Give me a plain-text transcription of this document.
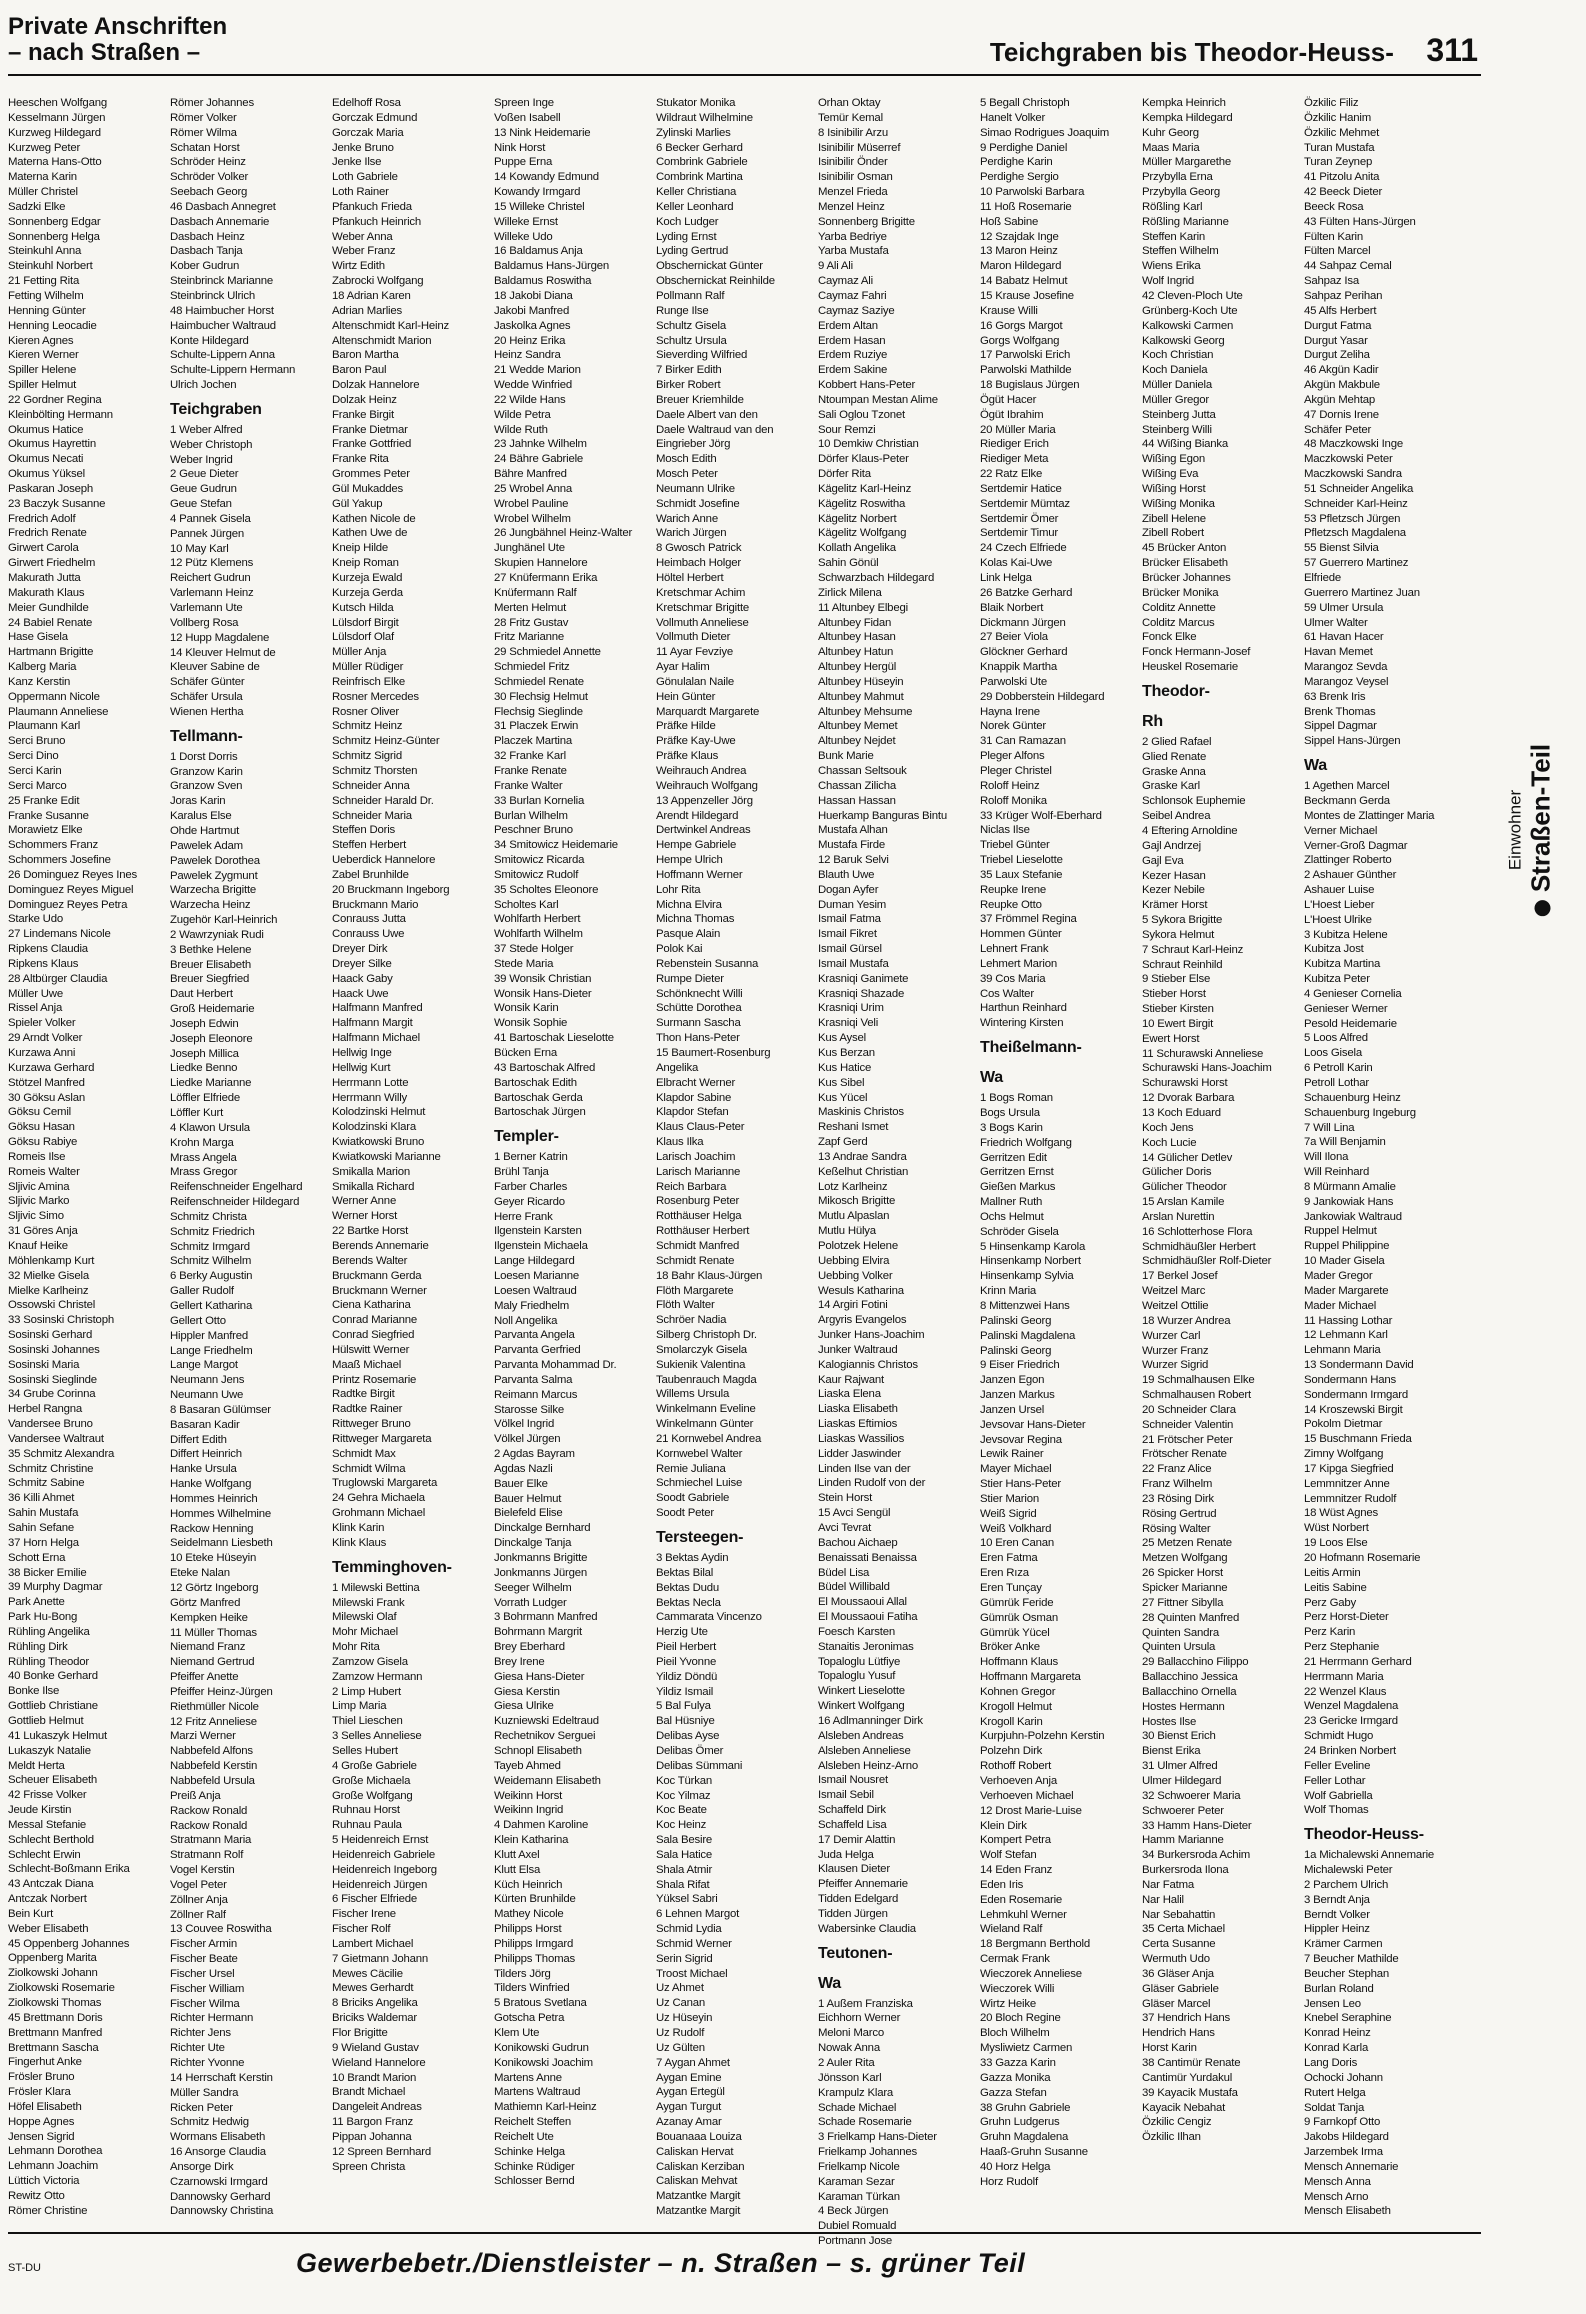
Private Anschriften
– nach Straßen –	Teichgraben bis Theodor-Heuss- 311
Heeschen Wolfgang
Kesselmann Jürgen
Kurzweg Hildegard
Kurzweg Peter
Materna Hans-Otto
Materna Karin
Müller Christel
Sadzki Elke
Sonnenberg Edgar
Sonnenberg Helga
Steinkuhl Anna
Steinkuhl Norbert
21 Fetting Rita
Fetting Wilhelm
Henning Günter
Henning Leocadie
Kieren Agnes
Kieren Werner
Spiller Helene
Spiller Helmut
22 Gordner Regina
Kleinbölting Hermann
Okumus Hatice
Okumus Hayrettin
Okumus Necati
Okumus Yüksel
Paskaran Joseph
23 Baczyk Susanne
Fredrich Adolf
Fredrich Renate
Girwert Carola
Girwert Friedhelm
Makurath Jutta
Makurath Klaus
Meier Gundhilde
24 Babiel Renate
Hase Gisela
Hartmann Brigitte
Kalberg Maria
Kanz Kerstin
Oppermann Nicole
Plaumann Anneliese
Plaumann Karl
Serci Bruno
Serci Dino
Serci Karin
Serci Marco
25 Franke Edit
Franke Susanne
Morawietz Elke
Schommers Franz
Schommers Josefine
26 Dominguez Reyes Ines
Dominguez Reyes Miguel
Dominguez Reyes Petra
Starke Udo
27 Lindemans Nicole
Ripkens Claudia
Ripkens Klaus
28 Altbürger Claudia
Müller Uwe
Rissel Anja
Spieler Volker
29 Arndt Volker
Kurzawa Anni
Kurzawa Gerhard
Stötzel Manfred
30 Göksu Aslan
Göksu Cemil
Göksu Hasan
Göksu Rabiye
Romeis Ilse
Romeis Walter
Sljivic Amina
Sljivic Marko
Sljivic Simo
31 Göres Anja
Knauf Heike
Möhlenkamp Kurt
32 Mielke Gisela
Mielke Karlheinz
Ossowski Christel
33 Sosinski Christoph
Sosinski Gerhard
Sosinski Johannes
Sosinski Maria
Sosinski Sieglinde
34 Grube Corinna
Herbel Rangna
Vandersee Bruno
Vandersee Waltraut
35 Schmitz Alexandra
Schmitz Christine
Schmitz Sabine
36 Killi Ahmet
Sahin Mustafa
Sahin Sefane
37 Horn Helga
Schott Erna
38 Bicker Emilie
39 Murphy Dagmar
Park Anette
Park Hu-Bong
Rühling Angelika
Rühling Dirk
Rühling Theodor
40 Bonke Gerhard
Bonke Ilse
Gottlieb Christiane
Gottlieb Helmut
41 Lukaszyk Helmut
Lukaszyk Natalie
Meldt Herta
Scheuer Elisabeth
42 Frisse Volker
Jeude Kirstin
Messal Stefanie
Schlecht Berthold
Schlecht Erwin
Schlecht-Boßmann Erika
43 Antczak Diana
Antczak Norbert
Bein Kurt
Weber Elisabeth
45 Oppenberg Johannes
Oppenberg Marita
Ziolkowski Johann
Ziolkowski Rosemarie
Ziolkowski Thomas
45 Brettmann Doris
Brettmann Manfred
Brettmann Sascha
Fingerhut Anke
Frösler Bruno
Frösler Klara
Höfel Elisabeth
Hoppe Agnes
Jensen Sigrid
Lehmann Dorothea
Lehmann Joachim
Lüttich Victoria
Rewitz Otto
Römer Christine
Römer Johannes
Römer Volker
Römer Wilma
Schatan Horst
Schröder Heinz
Schröder Volker
Seebach Georg
46 Dasbach Annegret
Dasbach Annemarie
Dasbach Heinz
Dasbach Tanja
Kober Gudrun
Steinbrinck Marianne
Steinbrinck Ulrich
48 Haimbucher Horst
Haimbucher Waltraud
Konte Hildegard
Schulte-Lippern Anna
Schulte-Lippern Hermann
Ulrich Jochen
Teichgraben
1 Weber Alfred
Weber Christoph
Weber Ingrid
2 Geue Dieter
Geue Gudrun
Geue Stefan
4 Pannek Gisela
Pannek Jürgen
10 May Karl
12 Pütz Klemens
Reichert Gudrun
Varlemann Heinz
Varlemann Ute
Vollberg Rosa
12 Hupp Magdalene
14 Kleuver Helmut de
Kleuver Sabine de
Schäfer Günter
Schäfer Ursula
Wienen Hertha
Tellmann-
1 Dorst Dorris
Granzow Karin
Granzow Sven
Joras Karin
Karalus Else
Ohde Hartmut
Pawelek Adam
Pawelek Dorothea
Pawelek Zygmunt
Warzecha Brigitte
Warzecha Heinz
Zugehör Karl-Heinrich
2 Wawrzyniak Rudi
3 Bethke Helene
Breuer Elisabeth
Breuer Siegfried
Daut Herbert
Groß Heidemarie
Joseph Edwin
Joseph Eleonore
Joseph Millica
Liedke Benno
Liedke Marianne
Löffler Elfriede
Löffler Kurt
4 Klawon Ursula
Krohn Marga
Mrass Angela
Mrass Gregor
Reifenschneider Engelhard
Reifenschneider Hildegard
Schmitz Christa
Schmitz Friedrich
Schmitz Irmgard
Schmitz Wilhelm
6 Berky Augustin
Galler Rudolf
Gellert Katharina
Gellert Otto
Hippler Manfred
Lange Friedhelm
Lange Margot
Neumann Jens
Neumann Uwe
8 Basaran Gülümser
Basaran Kadir
Differt Edith
Differt Heinrich
Hanke Ursula
Hanke Wolfgang
Hommes Heinrich
Hommes Wilhelmine
Rackow Henning
Seidelmann Liesbeth
10 Eteke Hüseyin
Eteke Nalan
12 Görtz Ingeborg
Görtz Manfred
Kempken Heike
11 Müller Thomas
Niemand Franz
Niemand Gertrud
Pfeiffer Anette
Pfeiffer Heinz-Jürgen
Riethmüller Nicole
12 Fritz Anneliese
Marzi Werner
Nabbefeld Alfons
Nabbefeld Kerstin
Nabbefeld Ursula
Preiß Anja
Rackow Ronald
Rackow Ronald
Stratmann Maria
Stratmann Rolf
Vogel Kerstin
Vogel Peter
Zöllner Anja
Zöllner Ralf
13 Couvee Roswitha
Fischer Armin
Fischer Beate
Fischer Ursel
Fischer William
Fischer Wilma
Richter Hermann
Richter Jens
Richter Ute
Richter Yvonne
14 Herrschaft Kerstin
Müller Sandra
Ricken Peter
Schmitz Hedwig
Wormans Elisabeth
16 Ansorge Claudia
Ansorge Dirk
Czarnowski Irmgard
Dannowsky Gerhard
Dannowsky Christina
Edelhoff Rosa
Gorczak Edmund
Gorczak Maria
Jenke Bruno
Jenke Ilse
Loth Gabriele
Loth Rainer
Pfankuch Frieda
Pfankuch Heinrich
Weber Anna
Weber Franz
Wirtz Edith
Zabrocki Wolfgang
18 Adrian Karen
Adrian Marlies
Altenschmidt Karl-Heinz
Altenschmidt Marion
Baron Martha
Baron Paul
Dolzak Hannelore
Dolzak Heinz
Franke Birgit
Franke Dietmar
Franke Gottfried
Franke Rita
Grommes Peter
Gül Mukaddes
Gül Yakup
Kathen Nicole de
Kathen Uwe de
Kneip Hilde
Kneip Roman
Kurzeja Ewald
Kurzeja Gerda
Kutsch Hilda
Lülsdorf Birgit
Lülsdorf Olaf
Müller Anja
Müller Rüdiger
Reinfrisch Elke
Rosner Mercedes
Rosner Oliver
Schmitz Heinz
Schmitz Heinz-Günter
Schmitz Sigrid
Schmitz Thorsten
Schneider Anna
Schneider Harald Dr.
Schneider Maria
Steffen Doris
Steffen Herbert
Ueberdick Hannelore
Zabel Brunhilde
20 Bruckmann Ingeborg
Bruckmann Mario
Conrauss Jutta
Conrauss Uwe
Dreyer Dirk
Dreyer Silke
Haack Gaby
Haack Uwe
Halfmann Manfred
Halfmann Margit
Halfmann Michael
Hellwig Inge
Hellwig Kurt
Herrmann Lotte
Herrmann Willy
Kolodzinski Helmut
Kolodzinski Klara
Kwiatkowski Bruno
Kwiatkowski Marianne
Smikalla Marion
Smikalla Richard
Werner Anne
Werner Horst
22 Bartke Horst
Berends Annemarie
Berends Walter
Bruckmann Gerda
Bruckmann Werner
Ciena Katharina
Conrad Marianne
Conrad Siegfried
Hülswitt Werner
Maaß Michael
Printz Rosemarie
Radtke Birgit
Radtke Rainer
Rittweger Bruno
Rittweger Margareta
Schmidt Max
Schmidt Wilma
Truglowski Margareta
24 Gehra Michaela
Grohmann Michael
Klink Karin
Klink Klaus
Temminghoven-
1 Milewski Bettina
Milewski Frank
Milewski Olaf
Mohr Michael
Mohr Rita
Zamzow Gisela
Zamzow Hermann
2 Limp Hubert
Limp Maria
Thiel Lieschen
3 Selles Anneliese
Selles Hubert
4 Große Gabriele
Große Michaela
Große Wolfgang
Ruhnau Horst
Ruhnau Paula
5 Heidenreich Ernst
Heidenreich Gabriele
Heidenreich Ingeborg
Heidenreich Jürgen
6 Fischer Elfriede
Fischer Irene
Fischer Rolf
Lambert Michael
7 Gietmann Johann
Mewes Cäcilie
Mewes Gerhardt
8 Briciks Angelika
Briciks Waldemar
Flor Brigitte
9 Wieland Gustav
Wieland Hannelore
10 Brandt Marion
Brandt Michael
Dangeleit Andreas
11 Bargon Franz
Pippan Johanna
12 Spreen Bernhard
Spreen Christa
Spreen Inge
Voßen Isabell
13 Nink Heidemarie
Nink Horst
Puppe Erna
14 Kowandy Edmund
Kowandy Irmgard
15 Willeke Christel
Willeke Ernst
Willeke Udo
16 Baldamus Anja
Baldamus Hans-Jürgen
Baldamus Roswitha
18 Jakobi Diana
Jakobi Manfred
Jaskolka Agnes
20 Heinz Erika
Heinz Sandra
21 Wedde Marion
Wedde Winfried
22 Wilde Hans
Wilde Petra
Wilde Ruth
23 Jahnke Wilhelm
24 Bähre Gabriele
Bähre Manfred
25 Wrobel Anna
Wrobel Pauline
Wrobel Wilhelm
26 Jungbähnel Heinz-Walter
Junghänel Ute
Skupien Hannelore
27 Knüfermann Erika
Knüfermann Ralf
Merten Helmut
28 Fritz Gustav
Fritz Marianne
29 Schmiedel Annette
Schmiedel Fritz
Schmiedel Renate
30 Flechsig Helmut
Flechsig Sieglinde
31 Placzek Erwin
Placzek Martina
32 Franke Karl
Franke Renate
Franke Walter
33 Burlan Kornelia
Burlan Wilhelm
Peschner Bruno
34 Smitowicz Heidemarie
Smitowicz Ricarda
Smitowicz Rudolf
35 Scholtes Eleonore
Scholtes Karl
Wohlfarth Herbert
Wohlfarth Wilhelm
37 Stede Holger
Stede Maria
39 Wonsik Christian
Wonsik Hans-Dieter
Wonsik Karin
Wonsik Sophie
41 Bartoschak Lieselotte
Bücken Erna
43 Bartoschak Alfred
Bartoschak Edith
Bartoschak Gerda
Bartoschak Jürgen
Templer-
1 Berner Katrin
Brühl Tanja
Farber Charles
Geyer Ricardo
Herre Frank
Ilgenstein Karsten
Ilgenstein Michaela
Lange Hildegard
Loesen Marianne
Loesen Waltraud
Maly Friedhelm
Noll Angelika
Parvanta Angela
Parvanta Gerfried
Parvanta Mohammad Dr.
Parvanta Salma
Reimann Marcus
Starosse Silke
Völkel Ingrid
Völkel Jürgen
2 Agdas Bayram
Agdas Nazli
Bauer Elke
Bauer Helmut
Bielefeld Elise
Dinckalge Bernhard
Dinckalge Tanja
Jonkmanns Brigitte
Jonkmanns Jürgen
Seeger Wilhelm
Vorrath Ludger
3 Bohrmann Manfred
Bohrmann Margrit
Brey Eberhard
Brey Irene
Giesa Hans-Dieter
Giesa Kerstin
Giesa Ulrike
Kuzniewski Edeltraud
Rechetnikov Serguei
Schnopl Elisabeth
Tayeb Ahmed
Weidemann Elisabeth
Weikinn Horst
Weikinn Ingrid
4 Dahmen Karoline
Klein Katharina
Klutt Axel
Klutt Elsa
Küch Heinrich
Kürten Brunhilde
Mathey Nicole
Philipps Horst
Philipps Irmgard
Philipps Thomas
Tilders Jörg
Tilders Winfried
5 Bratous Svetlana
Gotscha Petra
Klem Ute
Konikowski Gudrun
Konikowski Joachim
Martens Anne
Martens Waltraud
Mathiemn Karl-Heinz
Reichelt Steffen
Reichelt Ute
Schinke Helga
Schinke Rüdiger
Schlosser Bernd
Stukator Monika
Wildraut Wilhelmine
Zylinski Marlies
6 Becker Gerhard
Combrink Gabriele
Combrink Martina
Keller Christiana
Keller Leonhard
Koch Ludger
Lyding Ernst
Lyding Gertrud
Obschernickat Günter
Obschernickat Reinhilde
Pollmann Ralf
Runge Ilse
Schultz Gisela
Schultz Ursula
Sieverding Wilfried
7 Birker Edith
Birker Robert
Breuer Kriemhilde
Daele Albert van den
Daele Waltraud van den
Eingrieber Jörg
Mosch Edith
Mosch Peter
Neumann Ulrike
Schmidt Josefine
Warich Anne
Warich Jürgen
8 Gwosch Patrick
Heimbach Holger
Höltel Herbert
Kretschmar Achim
Kretschmar Brigitte
Vollmuth Anneliese
Vollmuth Dieter
11 Ayar Fevziye
Ayar Halim
Gönulalan Naile
Hein Günter
Marquardt Margarete
Präfke Hilde
Präfke Kay-Uwe
Präfke Klaus
Weihrauch Andrea
Weihrauch Wolfgang
13 Appenzeller Jörg
Arendt Hildegard
Dertwinkel Andreas
Hempe Gabriele
Hempe Ulrich
Hoffmann Werner
Lohr Rita
Michna Elvira
Michna Thomas
Pasque Alain
Polok Kai
Rebenstein Susanna
Rumpe Dieter
Schönknecht Willi
Schütte Dorothea
Surmann Sascha
Thon Hans-Peter
15 Baumert-Rosenburg
Angelika
Elbracht Werner
Klapdor Sabine
Klapdor Stefan
Klaus Claus-Peter
Klaus Ilka
Larisch Joachim
Larisch Marianne
Reich Barbara
Rosenburg Peter
Rotthäuser Helga
Rotthäuser Herbert
Schmidt Manfred
Schmidt Renate
18 Bahr Klaus-Jürgen
Flöth Margarete
Flöth Walter
Schröer Nadia
Silberg Christoph Dr.
Smolarczyk Gisela
Sukienik Valentina
Taubenrauch Magda
Willems Ursula
Winkelmann Eveline
Winkelmann Günter
21 Kornwebel Andrea
Kornwebel Walter
Remie Juliana
Schmiechel Luise
Soodt Gabriele
Soodt Peter
Tersteegen-
3 Bektas Aydin
Bektas Bilal
Bektas Dudu
Bektas Necla
Cammarata Vincenzo
Herzig Ute
Pieil Herbert
Pieil Yvonne
Yildiz Döndü
Yildiz Ismail
5 Bal Fulya
Bal Hüsniye
Delibas Ayse
Delibas Ömer
Delibas Sümmani
Koc Türkan
Koc Yilmaz
Koc Beate
Koc Heinz
Sala Besire
Sala Hatice
Shala Atmir
Shala Rifat
Yüksel Sabri
6 Lehnen Margot
Schmid Lydia
Schmid Werner
Serin Sigrid
Troost Michael
Uz Ahmet
Uz Canan
Uz Hüseyin
Uz Rudolf
Uz Gülten
7 Aygan Ahmet
Aygan Emine
Aygan Ertegül
Aygan Turgut
Azanay Amar
Bouanaaa Louiza
Caliskan Hervat
Caliskan Kerziban
Caliskan Mehvat
Matzantke Margit
Matzantke Margit
Orhan Oktay
Temür Kemal
8 Isinibilir Arzu
Isinibilir Müserref
Isinibilir Önder
Isinibilir Osman
Menzel Frieda
Menzel Heinz
Sonnenberg Brigitte
Yarba Bedriye
Yarba Mustafa
9 Ali Ali
Caymaz Ali
Caymaz Fahri
Caymaz Saziye
Erdem Altan
Erdem Hasan
Erdem Ruziye
Erdem Sakine
Kobbert Hans-Peter
Ntoumpan Mestan Alime
Sali Oglou Tzonet
Sour Remzi
10 Demkiw Christian
Dörfer Klaus-Peter
Dörfer Rita
Kägelitz Karl-Heinz
Kägelitz Roswitha
Kägelitz Norbert
Kägelitz Wolfgang
Kollath Angelika
Sahin Gönül
Schwarzbach Hildegard
Zirlick Milena
11 Altunbey Elbegi
Altunbey Fidan
Altunbey Hasan
Altunbey Hatun
Altunbey Hergül
Altunbey Hüseyin
Altunbey Mahmut
Altunbey Mehsume
Altunbey Memet
Altunbey Nejdet
Bunk Marie
Chassan Seltsouk
Chassan Zilicha
Hassan Hassan
Huerkamp Banguras Bintu
Mustafa Alhan
Mustafa Firde
12 Baruk Selvi
Blauth Uwe
Dogan Ayfer
Duman Yesim
Ismail Fatma
Ismail Fikret
Ismail Gürsel
Ismail Mustafa
Krasniqi Ganimete
Krasniqi Shazade
Krasniqi Urim
Krasniqi Veli
Kus Aysel
Kus Berzan
Kus Hatice
Kus Sibel
Kus Yücel
Maskinis Christos
Reshani Ismet
Zapf Gerd
13 Andrae Sandra
Keßelhut Christian
Lotz Karlheinz
Mikosch Brigitte
Mutlu Alpaslan
Mutlu Hülya
Polotzek Helene
Uebbing Elvira
Uebbing Volker
Wesuls Katharina
14 Argiri Fotini
Argyris Evangelos
Junker Hans-Joachim
Junker Waltraud
Kalogiannis Christos
Kaur Rajwant
Liaska Elena
Liaska Elisabeth
Liaskas Eftimios
Liaskas Wassilios
Lidder Jaswinder
Linden Ilse van der
Linden Rudolf von der
Stein Horst
15 Avci Sengül
Avci Tevrat
Bachou Aichaep
Benaissati Benaissa
Büdel Lisa
Büdel Willibald
El Moussaoui Allal
El Moussaoui Fatiha
Foesch Karsten
Stanaitis Jeronimas
Topaloglu Lütfiye
Topaloglu Yusuf
Winkert Lieselotte
Winkert Wolfgang
16 Adlmanninger Dirk
Alsleben Andreas
Alsleben Anneliese
Alsleben Heinz-Arno
Ismail Nousret
Ismail Sebil
Schaffeld Dirk
Schaffeld Lisa
17 Demir Alattin
Juda Helga
Klausen Dieter
Pfeiffer Annemarie
Tidden Edelgard
Tidden Jürgen
Wabersinke Claudia
Teutonen-
Wa
1 Außem Franziska
Eichhorn Werner
Meloni Marco
Nowak Anna
2 Auler Rita
Jönsson Karl
Krampulz Klara
Schade Michael
Schade Rosemarie
3 Frielkamp Hans-Dieter
Frielkamp Johannes
Frielkamp Nicole
Karaman Sezar
Karaman Türkan
4 Beck Jürgen
Dubiel Romuald
Portmann Jose
5 Begall Christoph
Hanelt Volker
Simao Rodrigues Joaquim
9 Perdighe Daniel
Perdighe Karin
Perdighe Sergio
10 Parwolski Barbara
11 Hoß Rosemarie
Hoß Sabine
12 Szajdak Inge
13 Maron Heinz
Maron Hildegard
14 Babatz Helmut
15 Krause Josefine
Krause Willi
16 Gorgs Margot
Gorgs Wolfgang
17 Parwolski Erich
Parwolski Mathilde
18 Bugislaus Jürgen
Ögüt Hacer
Ögüt Ibrahim
20 Müller Maria
Riediger Erich
Riediger Meta
22 Ratz Elke
Sertdemir Hatice
Sertdemir Mümtaz
Sertdemir Ömer
Sertdemir Timur
24 Czech Elfriede
Kolas Kai-Uwe
Link Helga
26 Batzke Gerhard
Blaik Norbert
Dickmann Jürgen
27 Beier Viola
Glöckner Gerhard
Knappik Martha
Parwolski Ute
29 Dobberstein Hildegard
Hayna Irene
Norek Günter
31 Can Ramazan
Pleger Alfons
Pleger Christel
Roloff Heinz
Roloff Monika
33 Krüger Wolf-Eberhard
Niclas Ilse
Triebel Günter
Triebel Lieselotte
35 Laux Stefanie
Reupke Irene
Reupke Otto
37 Frömmel Regina
Hommen Günter
Lehnert Frank
Lehmert Marion
39 Cos Maria
Cos Walter
Harthun Reinhard
Wintering Kirsten
Theißelmann-
Wa
1 Bogs Roman
Bogs Ursula
3 Bogs Karin
Friedrich Wolfgang
Gerritzen Edit
Gerritzen Ernst
Gießen Markus
Mallner Ruth
Ochs Helmut
Schröder Gisela
5 Hinsenkamp Karola
Hinsenkamp Norbert
Hinsenkamp Sylvia
Krinn Maria
8 Mittenzwei Hans
Palinski Georg
Palinski Magdalena
Palinski Georg
9 Eiser Friedrich
Janzen Egon
Janzen Markus
Janzen Ursel
Jevsovar Hans-Dieter
Jevsovar Regina
Lewik Rainer
Mayer Michael
Stier Hans-Peter
Stier Marion
Weiß Sigrid
Weiß Volkhard
10 Eren Canan
Eren Fatma
Eren Rıza
Eren Tunçay
Gümrük Feride
Gümrük Osman
Gümrük Yücel
Bröker Anke
Hoffmann Klaus
Hoffmann Margareta
Kohnen Gregor
Krogoll Helmut
Krogoll Karin
Kurpjuhn-Polzehn Kerstin
Polzehn Dirk
Rothoff Robert
Verhoeven Anja
Verhoeven Michael
12 Drost Marie-Luise
Klein Dirk
Kompert Petra
Wolf Stefan
14 Eden Franz
Eden Iris
Eden Rosemarie
Lehmkuhl Werner
Wieland Ralf
18 Bergmann Berthold
Cermak Frank
Wieczorek Anneliese
Wieczorek Willi
Wirtz Heike
20 Bloch Regine
Bloch Wilhelm
Mysliwietz Carmen
33 Gazza Karin
Gazza Monika
Gazza Stefan
38 Gruhn Gabriele
Gruhn Ludgerus
Gruhn Magdalena
Haaß-Gruhn Susanne
40 Horz Helga
Horz Rudolf
Kempka Heinrich
Kempka Hildegard
Kuhr Georg
Maas Maria
Müller Margarethe
Przybylla Erna
Przybylla Georg
Rößling Karl
Rößling Marianne
Steffen Karin
Steffen Wilhelm
Wiens Erika
Wolf Ingrid
42 Cleven-Ploch Ute
Grünberg-Koch Ute
Kalkowski Carmen
Kalkowski Georg
Koch Christian
Koch Daniela
Müller Daniela
Müller Gregor
Steinberg Jutta
Steinberg Willi
44 Wißing Bianka
Wißing Egon
Wißing Eva
Wißing Horst
Wißing Monika
Zibell Helene
Zibell Robert
45 Brücker Anton
Brücker Elisabeth
Brücker Johannes
Brücker Monika
Colditz Annette
Colditz Marcus
Fonck Elke
Fonck Hermann-Josef
Heuskel Rosemarie
Theodor-
Rh
2 Glied Rafael
Glied Renate
Graske Anna
Graske Karl
Schlonsok Euphemie
Seibel Andrea
4 Eftering Arnoldine
Gajl Andrzej
Gajl Eva
Kezer Hasan
Kezer Nebile
Krämer Horst
5 Sykora Brigitte
Sykora Helmut
7 Schraut Karl-Heinz
Schraut Reinhild
9 Stieber Else
Stieber Horst
Stieber Kirsten
10 Ewert Birgit
Ewert Horst
11 Schurawski Anneliese
Schurawski Hans-Joachim
Schurawski Horst
12 Dvorak Barbara
13 Koch Eduard
Koch Jens
Koch Lucie
14 Gülicher Detlev
Gülicher Doris
Gülicher Theodor
15 Arslan Kamile
Arslan Nurettin
16 Schlotterhose Flora
Schmidhäußler Herbert
Schmidhäußler Rolf-Dieter
17 Berkel Josef
Weitzel Marc
Weitzel Ottilie
18 Wurzer Andrea
Wurzer Carl
Wurzer Franz
Wurzer Sigrid
19 Schmalhausen Elke
Schmalhausen Robert
20 Schneider Clara
Schneider Valentin
21 Frötscher Peter
Frötscher Renate
22 Franz Alice
Franz Wilhelm
23 Rösing Dirk
Rösing Gertrud
Rösing Walter
25 Metzen Renate
Metzen Wolfgang
26 Spicker Horst
Spicker Marianne
27 Fittner Sibylla
28 Quinten Manfred
Quinten Sandra
Quinten Ursula
29 Ballacchino Filippo
Ballacchino Jessica
Ballacchino Ornella
Hostes Hermann
Hostes Ilse
30 Bienst Erich
Bienst Erika
31 Ulmer Alfred
Ulmer Hildegard
32 Schwoerer Maria
Schwoerer Peter
33 Hamm Hans-Dieter
Hamm Marianne
34 Burkersroda Achim
Burkersroda Ilona
Nar Fatma
Nar Halil
Nar Sebahattin
35 Certa Michael
Certa Susanne
Wermuth Udo
36 Gläser Anja
Gläser Gabriele
Gläser Marcel
37 Hendrich Hans
Hendrich Hans
Horst Karin
38 Cantimür Renate
Cantimür Yurdakul
39 Kayacik Mustafa
Kayacik Nebahat
Özkilic Cengiz
Özkilic Ilhan
Özkilic Filiz
Özkilic Hanim
Özkilic Mehmet
Turan Mustafa
Turan Zeynep
41 Pitzolu Anita
42 Beeck Dieter
Beeck Rosa
43 Fülten Hans-Jürgen
Fülten Karin
Fülten Marcel
44 Sahpaz Cemal
Sahpaz Isa
Sahpaz Perihan
45 Alfs Herbert
Durgut Fatma
Durgut Yasar
Durgut Zeliha
46 Akgün Kadir
Akgün Makbule
Akgün Mehtap
47 Dornis Irene
Schäfer Peter
48 Maczkowski Inge
Maczkowski Peter
Maczkowski Sandra
51 Schneider Angelika
Schneider Karl-Heinz
53 Pfletzsch Jürgen
Pfletzsch Magdalena
55 Bienst Silvia
57 Guerrero Martinez
Elfriede
Guerrero Martinez Juan
59 Ulmer Ursula
Ulmer Walter
61 Havan Hacer
Havan Memet
Marangoz Sevda
Marangoz Veysel
63 Brenk Iris
Brenk Thomas
Sippel Dagmar
Sippel Hans-Jürgen
Wa
1 Agethen Marcel
Beckmann Gerda
Montes de Zlattinger Maria
Verner Michael
Verner-Groß Dagmar
Zlattinger Roberto
2 Ashauer Günther
Ashauer Luise
L'Hoest Lieber
L'Hoest Ulrike
3 Kubitza Helene
Kubitza Jost
Kubitza Martina
Kubitza Peter
4 Genieser Cornelia
Genieser Werner
Pesold Heidemarie
5 Loos Alfred
Loos Gisela
6 Petroll Karin
Petroll Lothar
Schauenburg Heinz
Schauenburg Ingeburg
7 Will Lina
7a Will Benjamin
Will Ilona
Will Reinhard
8 Mürmann Amalie
9 Jankowiak Hans
Jankowiak Waltraud
Ruppel Helmut
Ruppel Philippine
10 Mader Gisela
Mader Gregor
Mader Margarete
Mader Michael
11 Hassing Lothar
12 Lehmann Karl
Lehmann Maria
13 Sondermann David
Sondermann Hans
Sondermann Irmgard
14 Kroszewski Birgit
Pokolm Dietmar
15 Buschmann Frieda
Zimny Wolfgang
17 Kipga Siegfried
Lemmnitzer Anne
Lemmnitzer Rudolf
18 Wüst Agnes
Wüst Norbert
19 Loos Else
20 Hofmann Rosemarie
Leitis Armin
Leitis Sabine
Perz Gaby
Perz Horst-Dieter
Perz Karin
Perz Stephanie
21 Herrmann Gerhard
Herrmann Maria
22 Wenzel Klaus
Wenzel Magdalena
23 Gericke Irmgard
Schmidt Hugo
24 Brinken Norbert
Feller Eveline
Feller Lothar
Wolf Gabriella
Wolf Thomas
Theodor-Heuss-
1a Michalewski Annemarie
Michalewski Peter
2 Parchem Ulrich
3 Berndt Anja
Berndt Volker
Hippler Heinz
Krämer Carmen
7 Beucher Mathilde
Beucher Stephan
Burlan Roland
Jensen Leo
Knebel Seraphine
Konrad Heinz
Konrad Karla
Lang Doris
Ochocki Johann
Rutert Helga
Soldat Tanja
9 Farnkopf Otto
Jakobs Hildegard
Jarzembek Irma
Mensch Annemarie
Mensch Anna
Mensch Arno
Mensch Elisabeth
Einwohner Straßen-Teil
ST-DU	Gewerbebetr./Dienstleister – n. Straßen – s. grüner Teil
